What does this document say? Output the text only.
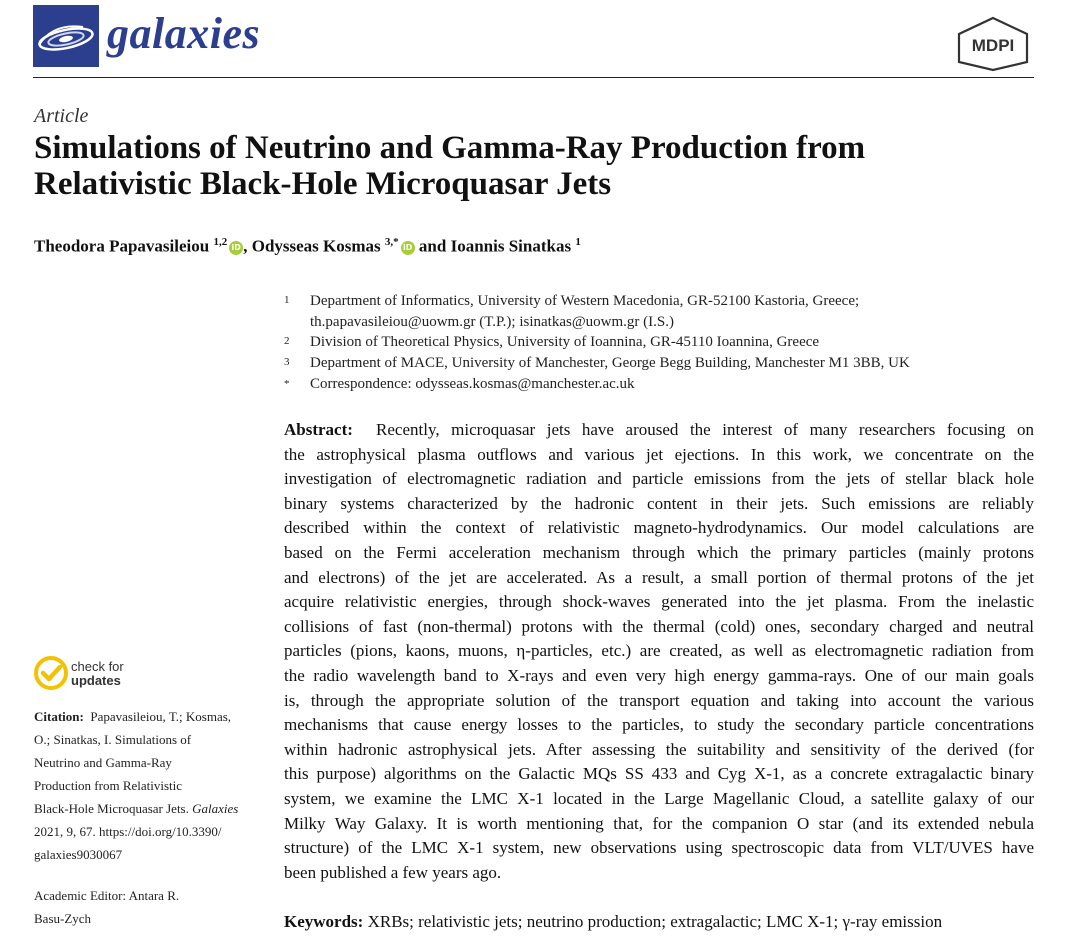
galaxies	MDPI
Article
Simulations of Neutrino and Gamma-Ray Production from
Relativistic Black-Hole Microquasar Jets
Theodora Papavasileiou $^{1,2}$ iD , Odysseas Kosmas $^{3,*}$ iD and Ioannis Sinatkas $^1$
1 Department of Informatics, University of Western Macedonia, GR-52100 Kastoria, Greece;
th.papavasileiou@uowm.gr (T.P.); isinatkas@uowm.gr (I.S.)
2 Division of Theoretical Physics, University of Ioannina, GR-45110 Ioannina, Greece
3 Department of MACE, University of Manchester, George Begg Building, Manchester M1 3BB, UK
* Correspondence: odysseas.kosmas@manchester.ac.uk
Abstract: Recently, microquasar jets have aroused the interest of many researchers focusing on
the astrophysical plasma outflows and various jet ejections. In this work, we concentrate on the
investigation of electromagnetic radiation and particle emissions from the jets of stellar black hole
binary systems characterized by the hadronic content in their jets. Such emissions are reliably
described within the context of relativistic magneto-hydrodynamics. Our model calculations are
based on the Fermi acceleration mechanism through which the primary particles (mainly protons
and electrons) of the jet are accelerated. As a result, a small portion of thermal protons of the jet
acquire relativistic energies, through shock-waves generated into the jet plasma. From the inelastic
collisions of fast (non-thermal) protons with the thermal (cold) ones, secondary charged and neutral
particles (pions, kaons, muons, η-particles, etc.) are created, as well as electromagnetic radiation from
the radio wavelength band to X-rays and even very high energy gamma-rays. One of our main goals
is, through the appropriate solution of the transport equation and taking into account the various
mechanisms that cause energy losses to the particles, to study the secondary particle concentrations
within hadronic astrophysical jets. After assessing the suitability and sensitivity of the derived (for
this purpose) algorithms on the Galactic MQs SS 433 and Cyg X-1, as a concrete extragalactic binary
system, we examine the LMC X-1 located in the Large Magellanic Cloud, a satellite galaxy of our
Milky Way Galaxy. It is worth mentioning that, for the companion O star (and its extended nebula
structure) of the LMC X-1 system, new observations using spectroscopic data from VLT/UVES have
been published a few years ago.
Keywords: XRBs; relativistic jets; neutrino production; extragalactic; LMC X-1; γ-ray emission
check for
updates
Citation: Papavasileiou, T.; Kosmas,
O.; Sinatkas, I. Simulations of
Neutrino and Gamma-Ray
Production from Relativistic
Black-Hole Microquasar Jets. Galaxies
2021, 9, 67. https://doi.org/10.3390/
galaxies9030067
Academic Editor: Antara R.
Basu-Zych
